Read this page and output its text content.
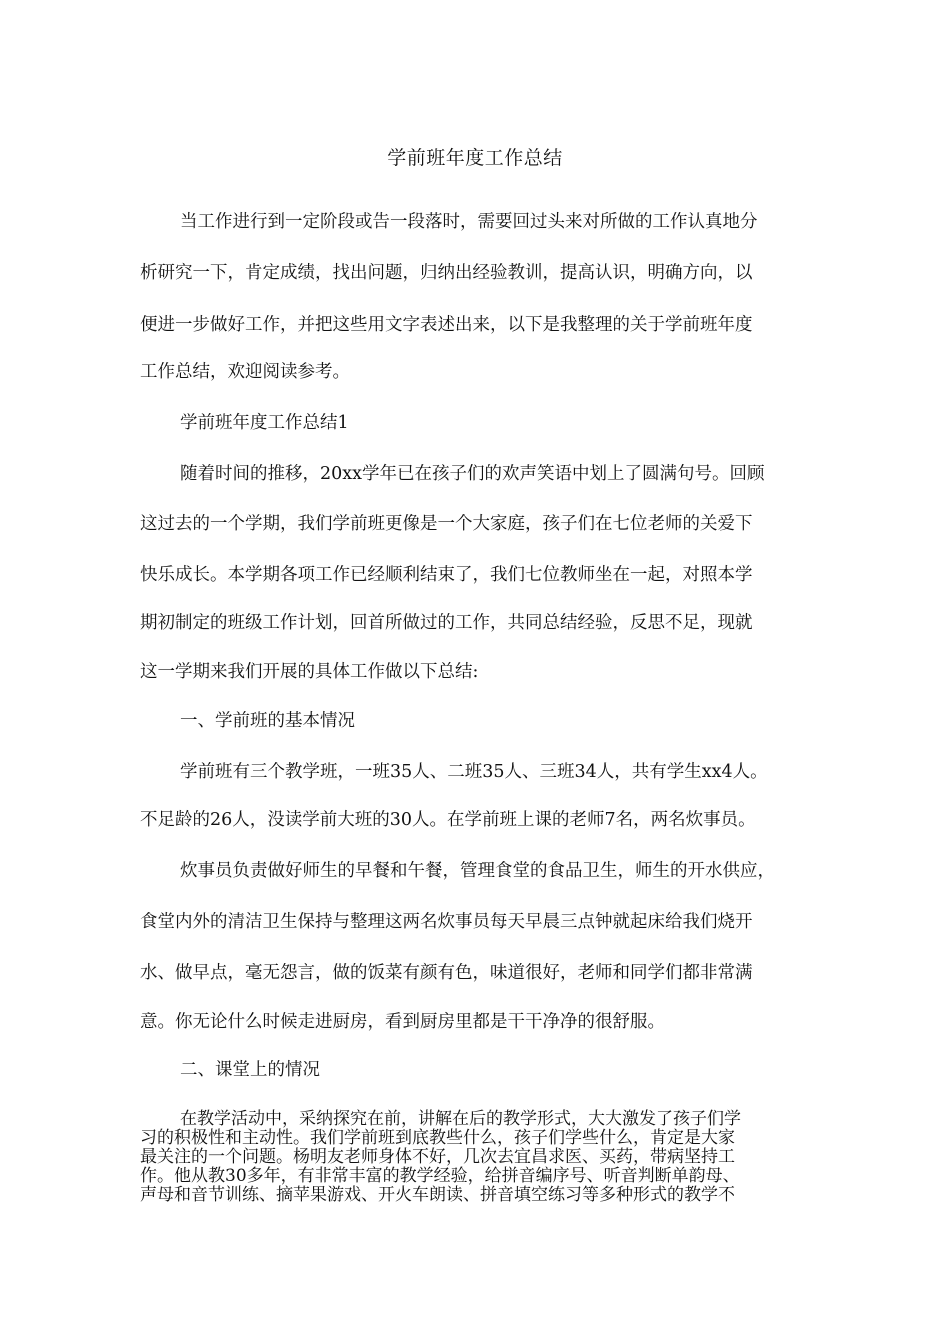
学前班年度工作总结
当工作进行到一定阶段或告一段落时，需要回过头来对所做的工作认真地分
析研究一下，肯定成绩，找出问题，归纳出经验教训，提高认识，明确方向，以
便进一步做好工作，并把这些用文字表述出来，以下是我整理的关于学前班年度
工作总结，欢迎阅读参考。
学前班年度工作总结1
随着时间的推移，20xx学年已在孩子们的欢声笑语中划上了圆满句号。回顾
这过去的一个学期，我们学前班更像是一个大家庭，孩子们在七位老师的关爱下
快乐成长。本学期各项工作已经顺利结束了，我们七位教师坐在一起，对照本学
期初制定的班级工作计划，回首所做过的工作，共同总结经验，反思不足，现就
这一学期来我们开展的具体工作做以下总结:
一、学前班的基本情况
学前班有三个教学班，一班35人、二班35人、三班34人，共有学生xx4人。
不足龄的26人，没读学前大班的30人。在学前班上课的老师7名，两名炊事员。
炊事员负责做好师生的早餐和午餐，管理食堂的食品卫生，师生的开水供应，
食堂内外的清洁卫生保持与整理这两名炊事员每天早晨三点钟就起床给我们烧开
水、做早点，毫无怨言，做的饭菜有颜有色，味道很好，老师和同学们都非常满
意。你无论什么时候走进厨房，看到厨房里都是干干净净的很舒服。
二、课堂上的情况
在教学活动中，采纳探究在前，讲解在后的教学形式，大大激发了孩子们学
习的积极性和主动性。我们学前班到底教些什么，孩子们学些什么，肯定是大家
最关注的一个问题。杨明友老师身体不好，几次去宜昌求医、买药，带病坚持工
作。他从教30多年，有非常丰富的教学经验，给拼音编序号、听音判断单韵母、
声母和音节训练、摘苹果游戏、开火车朗读、拼音填空练习等多种形式的教学不
